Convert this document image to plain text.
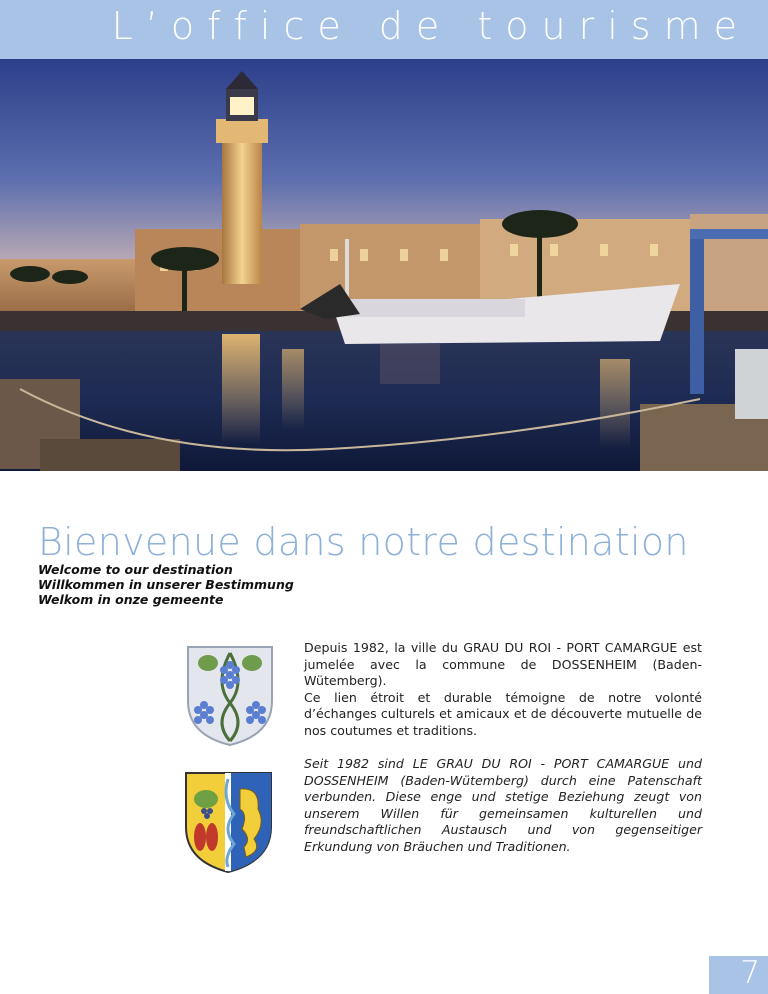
L’office de tourisme
Bienvenue dans notre destination
Welcome to our destination
Willkommen in unserer Bestimmung
Welkom in onze gemeente

Depuis 1982, la ville du GRAU DU ROI - PORT CAMARGUE est jumelée avec la commune de DOSSENHEIM (Baden-Wütemberg).

Ce lien étroit et durable témoigne de notre volonté d’échanges culturels et amicaux et de découverte mutuelle de nos coutumes et traditions.

Seit 1982 sind LE GRAU DU ROI - PORT CAMARGUE und DOSSENHEIM (Baden-Wütemberg) durch eine Patenschaft verbunden. Diese enge und stetige Beziehung zeugt von unserem Willen für gemeinsamen kulturellen und freundschaftlichen Austausch und von gegenseitiger Erkundung von Bräuchen und Traditionen.

7
